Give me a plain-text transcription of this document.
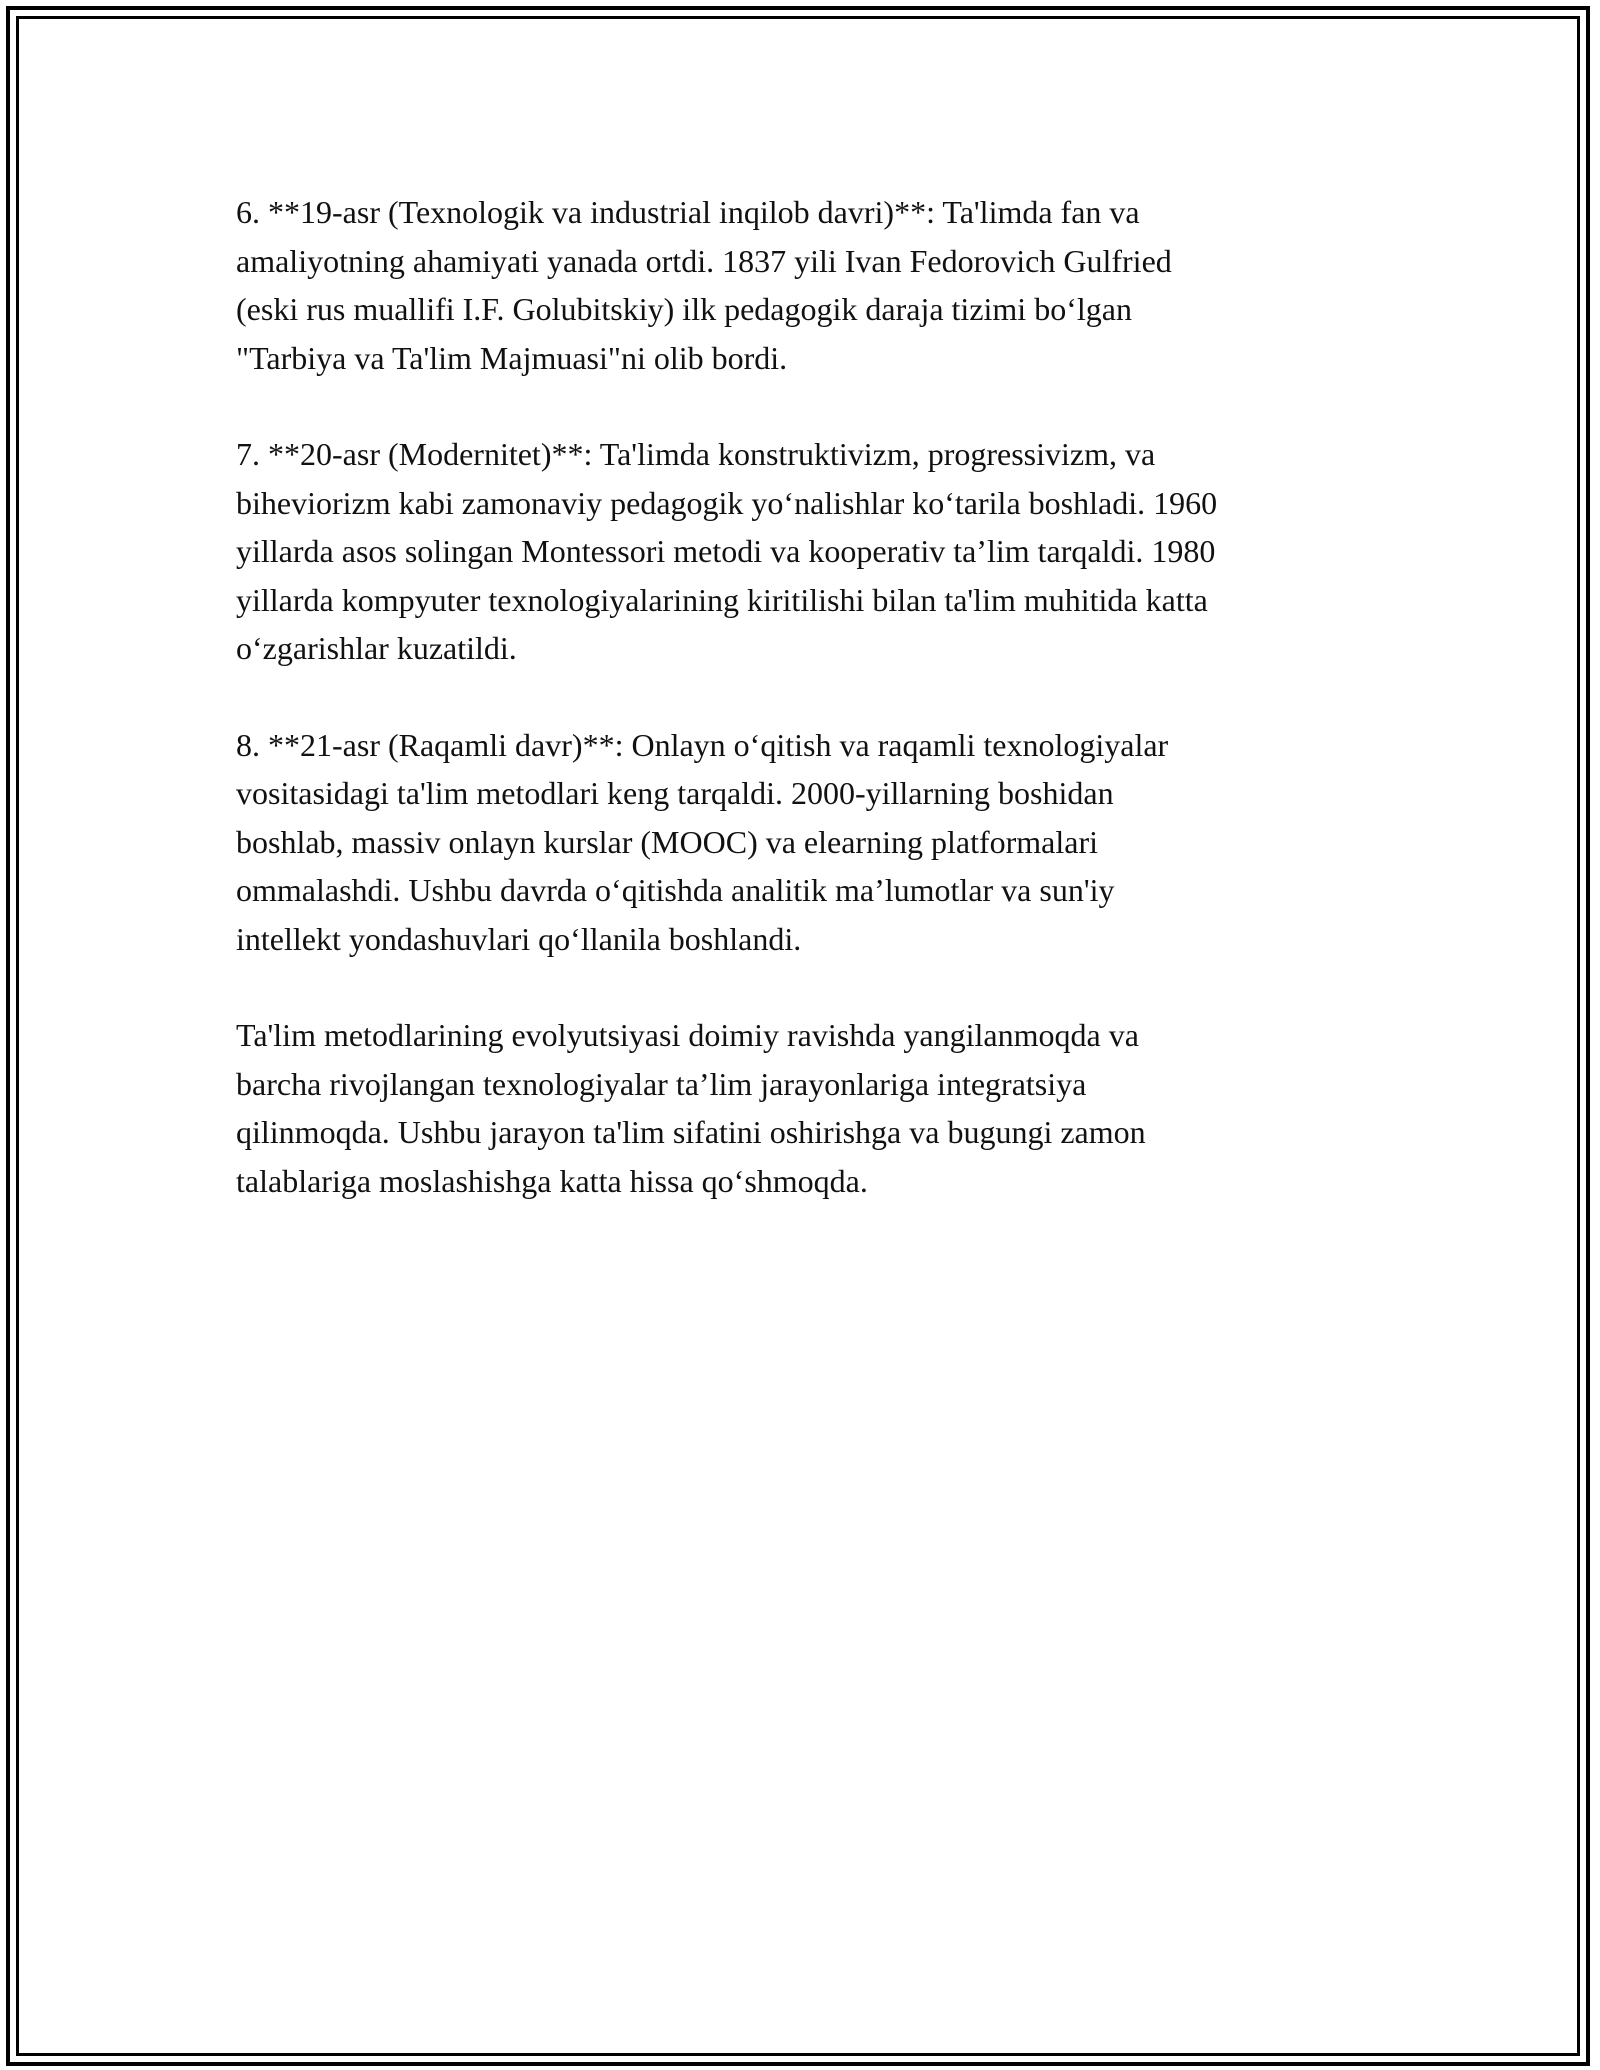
6. **19-asr (Texnologik va industrial inqilob davri)**: Ta'limda fan va
amaliyotning ahamiyati yanada ortdi. 1837 yili Ivan Fedorovich Gulfried
(eski rus muallifi I.F. Golubitskiy) ilk pedagogik daraja tizimi bo‘lgan
"Tarbiya va Ta'lim Majmuasi"ni olib bordi.

7. **20-asr (Modernitet)**: Ta'limda konstruktivizm, progressivizm, va
biheviorizm kabi zamonaviy pedagogik yo‘nalishlar ko‘tarila boshladi. 1960
yillarda asos solingan Montessori metodi va kooperativ ta’lim tarqaldi. 1980
yillarda kompyuter texnologiyalarining kiritilishi bilan ta'lim muhitida katta
o‘zgarishlar kuzatildi.

8. **21-asr (Raqamli davr)**: Onlayn o‘qitish va raqamli texnologiyalar
vositasidagi ta'lim metodlari keng tarqaldi. 2000-yillarning boshidan
boshlab, massiv onlayn kurslar (MOOC) va elearning platformalari
ommalashdi. Ushbu davrda o‘qitishda analitik ma’lumotlar va sun'iy
intellekt yondashuvlari qo‘llanila boshlandi.

Ta'lim metodlarining evolyutsiyasi doimiy ravishda yangilanmoqda va
barcha rivojlangan texnologiyalar ta’lim jarayonlariga integratsiya
qilinmoqda. Ushbu jarayon ta'lim sifatini oshirishga va bugungi zamon
talablariga moslashishga katta hissa qo‘shmoqda.
